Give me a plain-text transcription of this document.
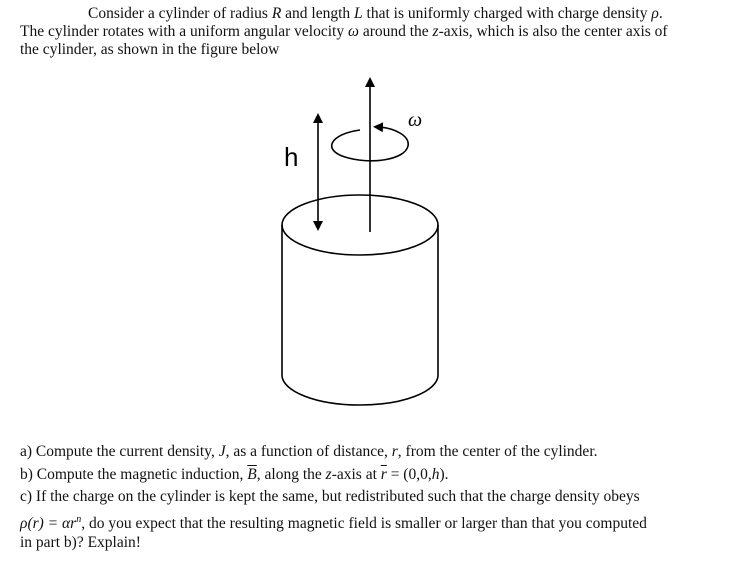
Consider a cylinder of radius R and length L that is uniformly charged with charge density ρ.
The cylinder rotates with a uniform angular velocity ω around the z-axis, which is also the center axis of
the cylinder, as shown in the figure below
h
ω
a) Compute the current density, J, as a function of distance, r, from the center of the cylinder.
b) Compute the magnetic induction, $\overline{B}$, along the z-axis at $\overline{r} = (0,0,h)$.
c) If the charge on the cylinder is kept the same, but redistributed such that the charge density obeys
$\rho(r) = \alpha r^n$, do you expect that the resulting magnetic field is smaller or larger than that you computed
in part b)? Explain!
